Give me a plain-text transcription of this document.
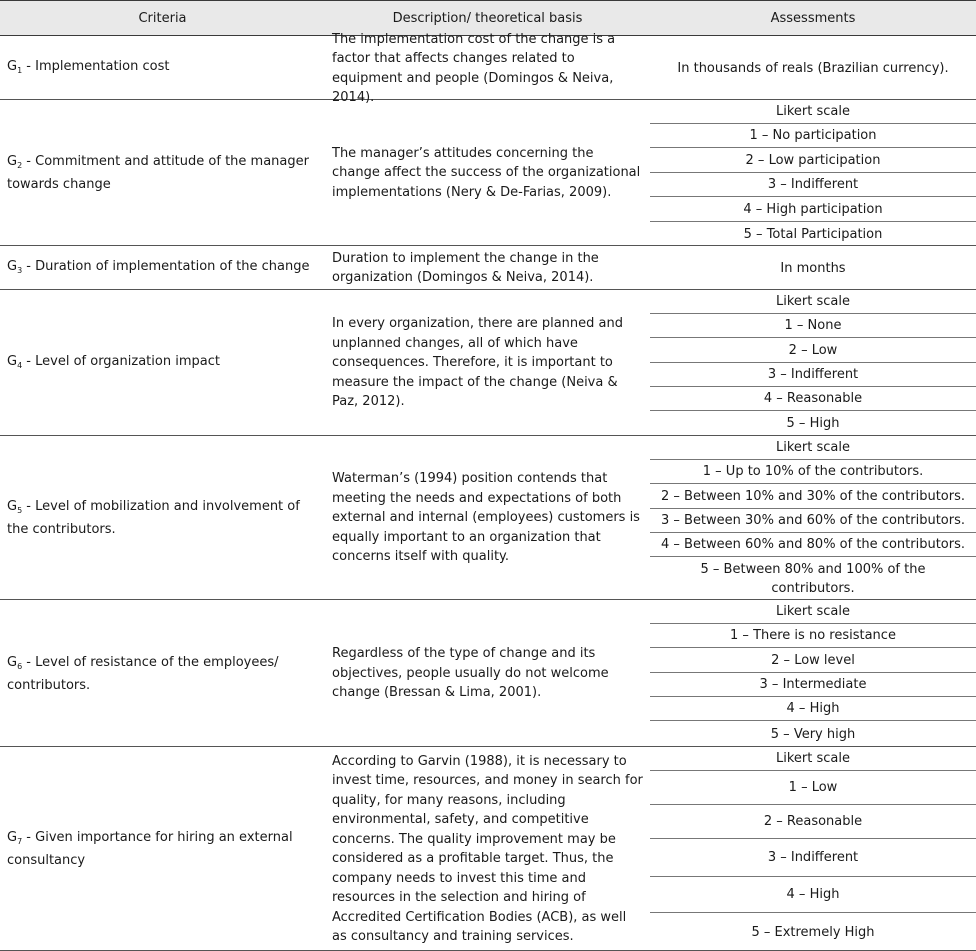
Criteria	Description/ theoretical basis	Assessments
$G_1$ - Implementation cost
The implementation cost of the change is a factor that affects changes related to equipment and people (Domingos & Neiva, 2014).
In thousands of reals (Brazilian currency).
$G_2$ - Commitment and attitude of the manager towards change
The manager’s attitudes concerning the change affect the success of the organizational implementations (Nery & De-Farias, 2009).
Likert scale
1 – No participation
2 – Low participation
3 – Indifferent
4 – High participation
5 – Total Participation
$G_3$ - Duration of implementation of the change
Duration to implement the change in the organization (Domingos & Neiva, 2014).
In months
$G_4$ - Level of organization impact
In every organization, there are planned and unplanned changes, all of which have consequences. Therefore, it is important to measure the impact of the change (Neiva & Paz, 2012).
Likert scale
1 – None
2 – Low
3 – Indifferent
4 – Reasonable
5 – High
$G_5$ - Level of mobilization and involvement of the contributors.
Waterman’s (1994) position contends that meeting the needs and expectations of both external and internal (employees) customers is equally important to an organization that concerns itself with quality.
Likert scale
1 – Up to 10% of the contributors.
2 – Between 10% and 30% of the contributors.
3 – Between 30% and 60% of the contributors.
4 – Between 60% and 80% of the contributors.
5 – Between 80% and 100% of the contributors.
$G_6$ - Level of resistance of the employees/ contributors.
Regardless of the type of change and its objectives, people usually do not welcome change (Bressan & Lima, 2001).
Likert scale
1 – There is no resistance
2 – Low level
3 – Intermediate
4 – High
5 – Very high
$G_7$ - Given importance for hiring an external consultancy
According to Garvin (1988), it is necessary to invest time, resources, and money in search for quality, for many reasons, including environmental, safety, and competitive concerns. The quality improvement may be considered as a profitable target. Thus, the company needs to invest this time and resources in the selection and hiring of Accredited Certification Bodies (ACB), as well as consultancy and training services.
Likert scale
1 – Low
2 – Reasonable
3 – Indifferent
4 – High
5 – Extremely High
